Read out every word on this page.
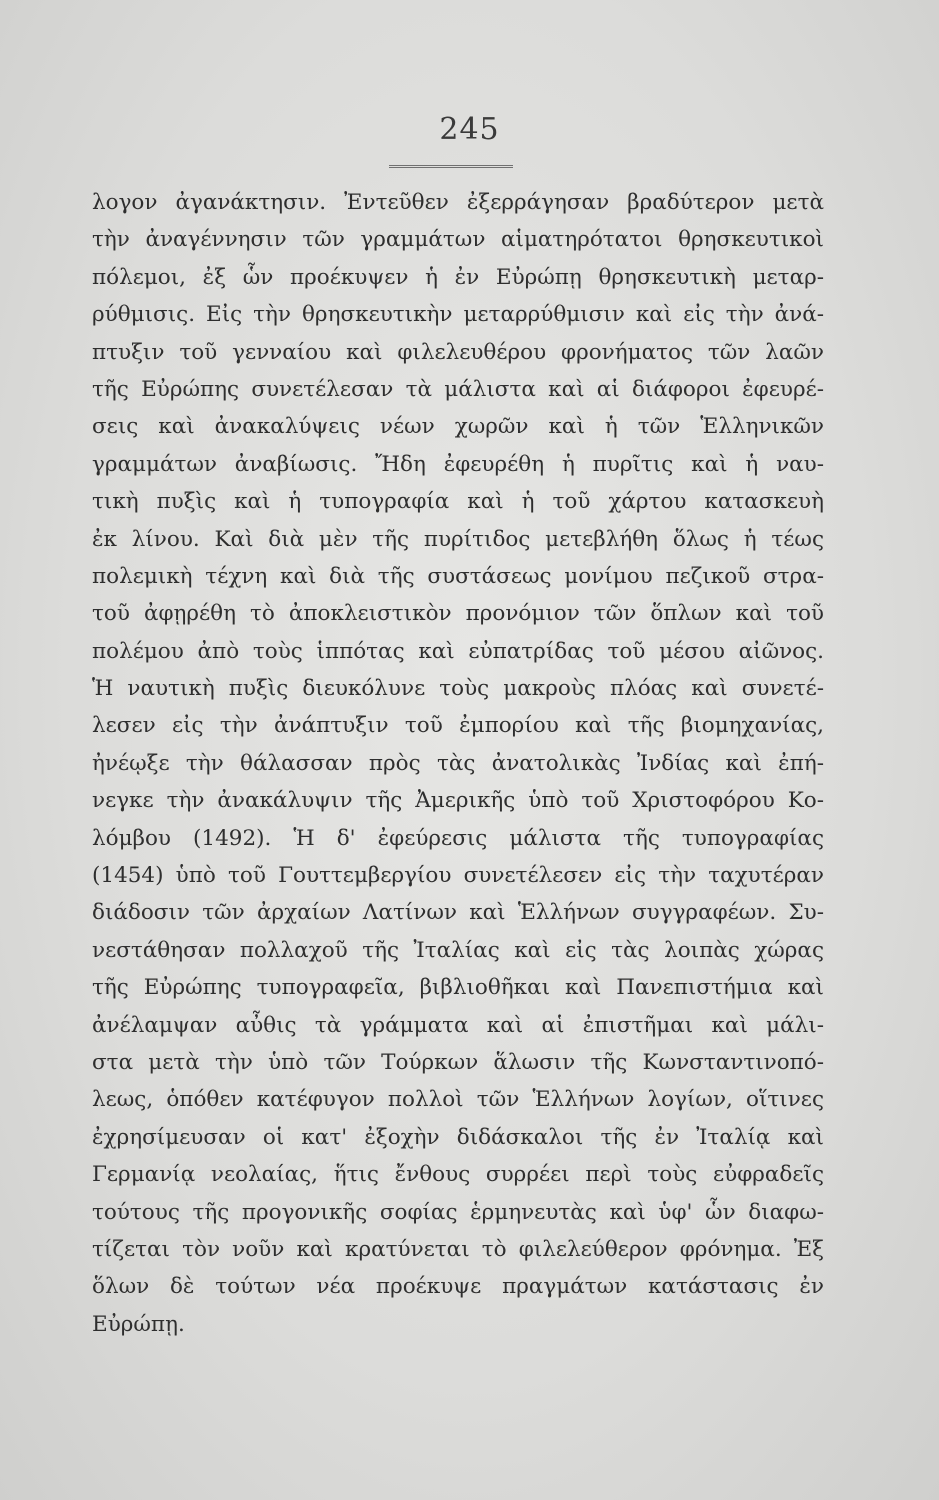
245
λογον ἀγανάκτησιν. Ἐντεῦθεν ἐξερράγησαν βραδύτερον μετὰ
τὴν ἀναγέννησιν τῶν γραμμάτων αἱματηρότατοι θρησκευτικοὶ
πόλεμοι, ἐξ ὧν προέκυψεν ἡ ἐν Εὐρώπῃ θρησκευτικὴ μεταρ-
ρύθμισις. Εἰς τὴν θρησκευτικὴν μεταρρύθμισιν καὶ εἰς τὴν ἀνά-
πτυξιν τοῦ γενναίου καὶ φιλελευθέρου φρονήματος τῶν λαῶν
τῆς Εὐρώπης συνετέλεσαν τὰ μάλιστα καὶ αἱ διάφοροι ἐφευρέ-
σεις καὶ ἀνακαλύψεις νέων χωρῶν καὶ ἡ τῶν Ἑλληνικῶν
γραμμάτων ἀναβίωσις. Ἤδη ἐφευρέθη ἡ πυρῖτις καὶ ἡ ναυ-
τικὴ πυξὶς καὶ ἡ τυπογραφία καὶ ἡ τοῦ χάρτου κατασκευὴ
ἐκ λίνου. Καὶ διὰ μὲν τῆς πυρίτιδος μετεβλήθη ὅλως ἡ τέως
πολεμικὴ τέχνη καὶ διὰ τῆς συστάσεως μονίμου πεζικοῦ στρα-
τοῦ ἀφῃρέθη τὸ ἀποκλειστικὸν προνόμιον τῶν ὅπλων καὶ τοῦ
πολέμου ἀπὸ τοὺς ἱππότας καὶ εὐπατρίδας τοῦ μέσου αἰῶνος.
Ἡ ναυτικὴ πυξὶς διευκόλυνε τοὺς μακροὺς πλόας καὶ συνετέ-
λεσεν εἰς τὴν ἀνάπτυξιν τοῦ ἐμπορίου καὶ τῆς βιομηχανίας,
ἠνέῳξε τὴν θάλασσαν πρὸς τὰς ἀνατολικὰς Ἰνδίας καὶ ἐπή-
νεγκε τὴν ἀνακάλυψιν τῆς Ἀμερικῆς ὑπὸ τοῦ Χριστοφόρου Κο-
λόμβου (1492). Ἡ δ' ἐφεύρεσις μάλιστα τῆς τυπογραφίας
(1454) ὑπὸ τοῦ Γουττεμβεργίου συνετέλεσεν εἰς τὴν ταχυτέραν
διάδοσιν τῶν ἀρχαίων Λατίνων καὶ Ἑλλήνων συγγραφέων. Συ-
νεστάθησαν πολλαχοῦ τῆς Ἰταλίας καὶ εἰς τὰς λοιπὰς χώρας
τῆς Εὐρώπης τυπογραφεῖα, βιβλιοθῆκαι καὶ Πανεπιστήμια καὶ
ἀνέλαμψαν αὖθις τὰ γράμματα καὶ αἱ ἐπιστῆμαι καὶ μάλι-
στα μετὰ τὴν ὑπὸ τῶν Τούρκων ἅλωσιν τῆς Κωνσταντινοπό-
λεως, ὁπόθεν κατέφυγον πολλοὶ τῶν Ἑλλήνων λογίων, οἵτινες
ἐχρησίμευσαν οἱ κατ' ἐξοχὴν διδάσκαλοι τῆς ἐν Ἰταλίᾳ καὶ
Γερμανίᾳ νεολαίας, ἥτις ἔνθους συρρέει περὶ τοὺς εὐφραδεῖς
τούτους τῆς προγονικῆς σοφίας ἑρμηνευτὰς καὶ ὑφ' ὧν διαφω-
τίζεται τὸν νοῦν καὶ κρατύνεται τὸ φιλελεύθερον φρόνημα. Ἐξ
ὅλων δὲ τούτων νέα προέκυψε πραγμάτων κατάστασις ἐν
Εὐρώπῃ.
